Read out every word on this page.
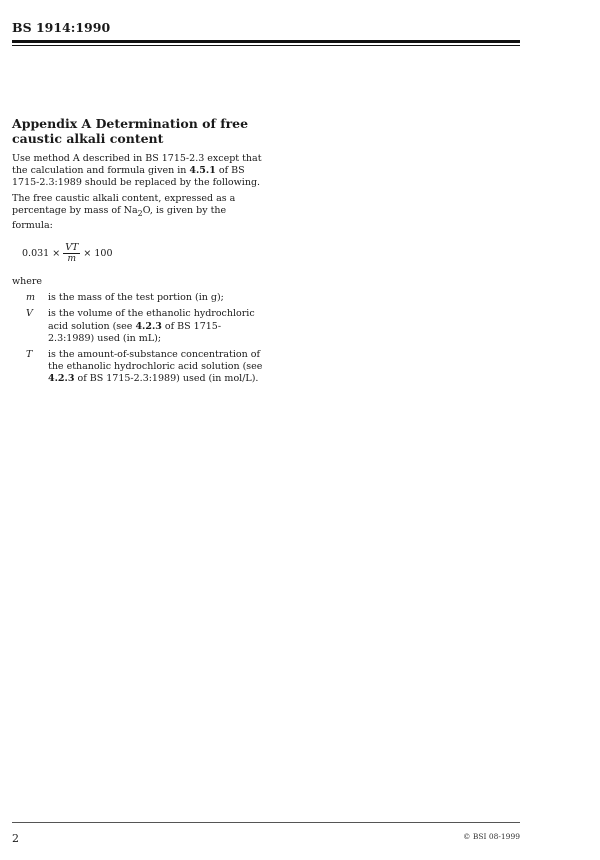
BS 1914:1990
Appendix A Determination of free caustic alkali content

Use method A described in BS 1715-2.3 except that the calculation and formula given in 4.5.1 of BS 1715-2.3:1989 should be replaced by the following.

The free caustic alkali content, expressed as a percentage by mass of $Na_2O$, is given by the formula:

$0.031 \times \frac{VT}{m} \times 100$

where

m	is the mass of the test portion (in g);
V	is the volume of the ethanolic hydrochloric acid solution (see 4.2.3 of BS 1715-2.3:1989) used (in mL);
T	is the amount-of-substance concentration of the ethanolic hydrochloric acid solution (see 4.2.3 of BS 1715-2.3:1989) used (in mol/L).
2	© BSI 08-1999
